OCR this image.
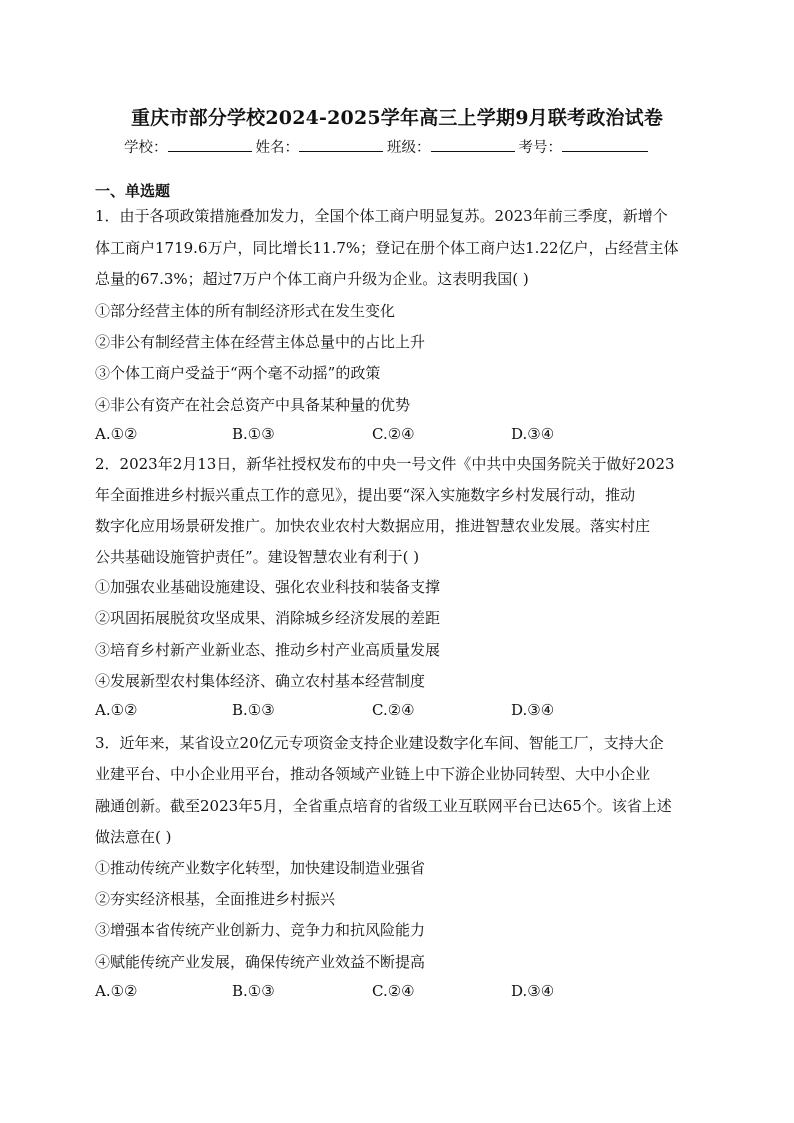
重庆市部分学校2024-2025学年高三上学期9月联考政治试卷
学校：	姓名：	班级：	考号：
一、单选题
1．由于各项政策措施叠加发力，全国个体工商户明显复苏。2023年前三季度，新增个
体工商户1719.6万户，同比增长11.7%；登记在册个体工商户达1.22亿户，占经营主体
总量的67.3%；超过7万户个体工商户升级为企业。这表明我国( )
①部分经营主体的所有制经济形式在发生变化
②非公有制经营主体在经营主体总量中的占比上升
③个体工商户受益于“两个毫不动摇”的政策
④非公有资产在社会总资产中具备某种量的优势
A.①②	B.①③	C.②④	D.③④
2．2023年2月13日，新华社授权发布的中央一号文件《中共中央国务院关于做好2023
年全面推进乡村振兴重点工作的意见》，提出要“深入实施数字乡村发展行动，推动
数字化应用场景研发推广。加快农业农村大数据应用，推进智慧农业发展。落实村庄
公共基础设施管护责任”。建设智慧农业有利于( )
①加强农业基础设施建设、强化农业科技和装备支撑
②巩固拓展脱贫攻坚成果、消除城乡经济发展的差距
③培育乡村新产业新业态、推动乡村产业高质量发展
④发展新型农村集体经济、确立农村基本经营制度
A.①②	B.①③	C.②④	D.③④
3．近年来，某省设立20亿元专项资金支持企业建设数字化车间、智能工厂，支持大企
业建平台、中小企业用平台，推动各领域产业链上中下游企业协同转型、大中小企业
融通创新。截至2023年5月，全省重点培育的省级工业互联网平台已达65个。该省上述
做法意在( )
①推动传统产业数字化转型，加快建设制造业强省
②夯实经济根基，全面推进乡村振兴
③增强本省传统产业创新力、竞争力和抗风险能力
④赋能传统产业发展，确保传统产业效益不断提高
A.①②	B.①③	C.②④	D.③④
